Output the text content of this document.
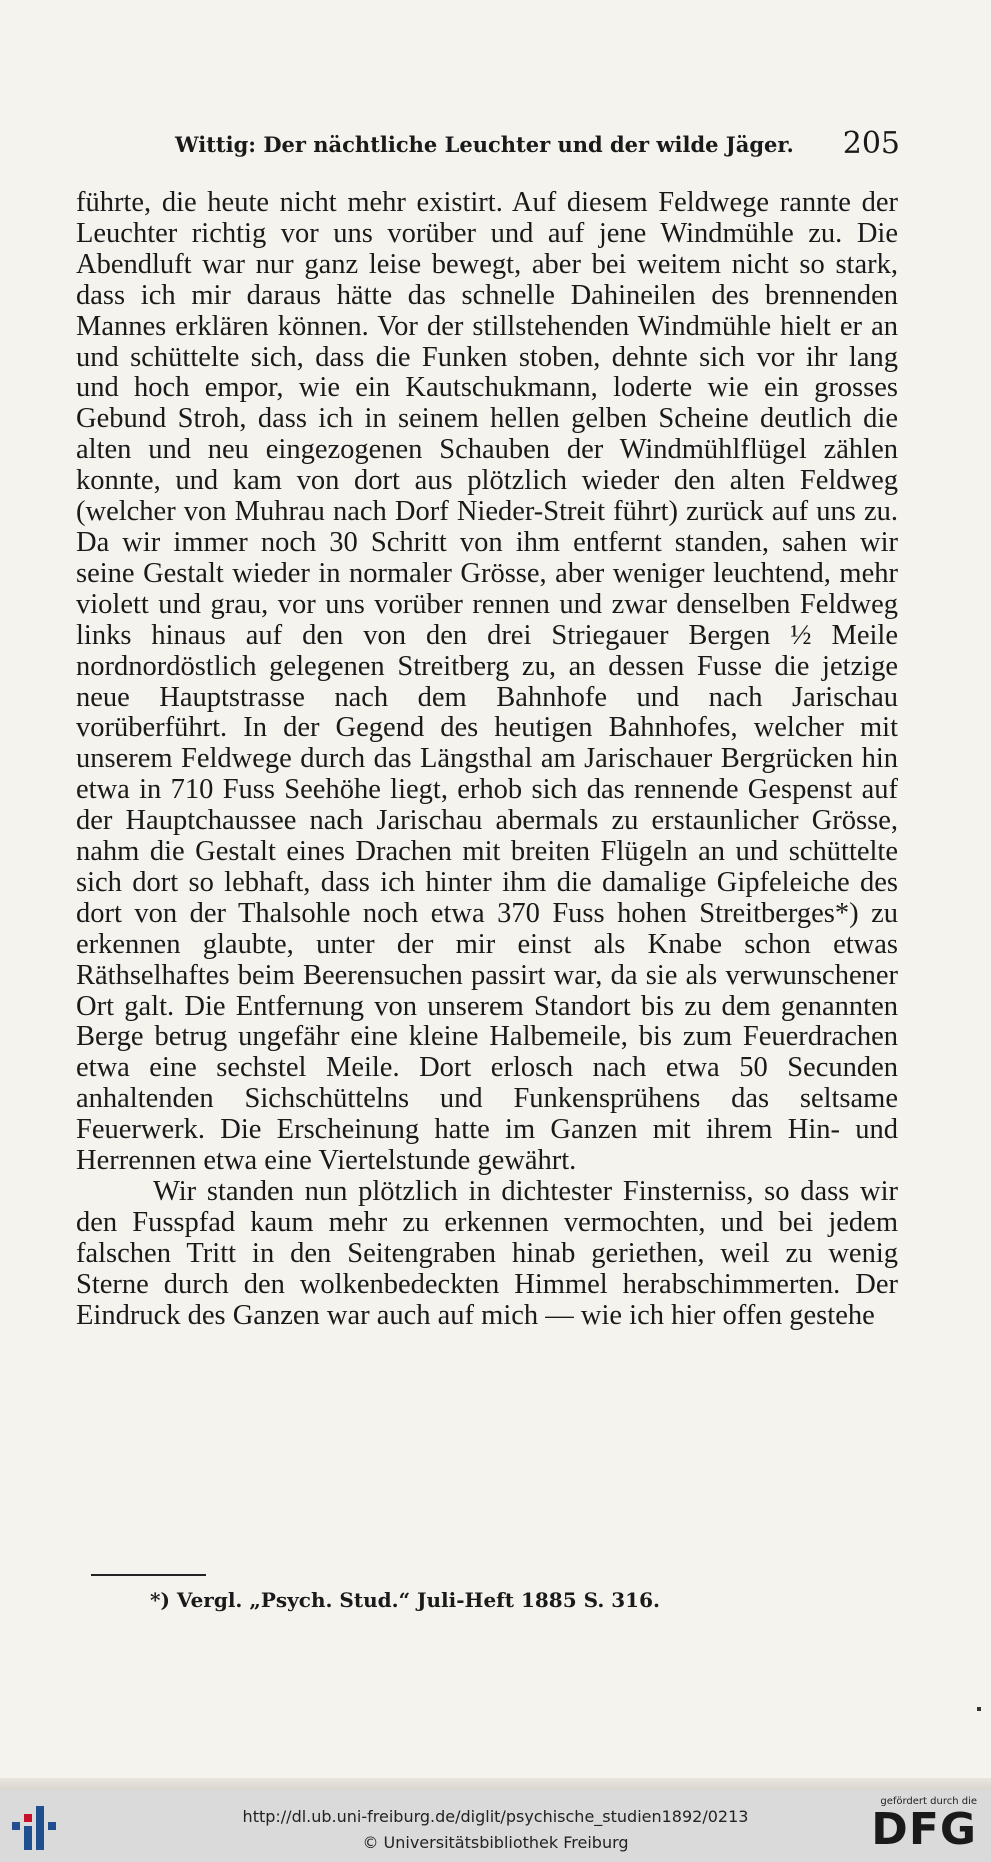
Wittig: Der nächtliche Leuchter und der wilde Jäger. 205

führte, die heute nicht mehr existirt. Auf diesem Feldwege rannte der Leuchter richtig vor uns vorüber und auf jene Windmühle zu. Die Abendluft war nur ganz leise bewegt, aber bei weitem nicht so stark, dass ich mir daraus hätte das schnelle Dahineilen des brennenden Mannes erklären können. Vor der stillstehenden Windmühle hielt er an und schüttelte sich, dass die Funken stoben, dehnte sich vor ihr lang und hoch empor, wie ein Kautschukmann, loderte wie ein grosses Gebund Stroh, dass ich in seinem hellen gelben Scheine deutlich die alten und neu eingezogenen Schauben der Windmühlflügel zählen konnte, und kam von dort aus plötzlich wieder den alten Feldweg (welcher von Muhrau nach Dorf Nieder-Streit führt) zurück auf uns zu. Da wir immer noch 30 Schritt von ihm entfernt standen, sahen wir seine Gestalt wieder in normaler Grösse, aber weniger leuchtend, mehr violett und grau, vor uns vorüber rennen und zwar denselben Feldweg links hinaus auf den von den drei Striegauer Bergen ½ Meile nordnordöstlich gelegenen Streitberg zu, an dessen Fusse die jetzige neue Hauptstrasse nach dem Bahnhofe und nach Jarischau vorüberführt. In der Gegend des heutigen Bahnhofes, welcher mit unserem Feldwege durch das Längsthal am Jarischauer Bergrücken hin etwa in 710 Fuss Seehöhe liegt, erhob sich das rennende Gespenst auf der Hauptchaussee nach Jarischau abermals zu erstaunlicher Grösse, nahm die Gestalt eines Drachen mit breiten Flügeln an und schüttelte sich dort so lebhaft, dass ich hinter ihm die damalige Gipfeleiche des dort von der Thalsohle noch etwa 370 Fuss hohen Streitberges*) zu erkennen glaubte, unter der mir einst als Knabe schon etwas Räthselhaftes beim Beerensuchen passirt war, da sie als verwunschener Ort galt. Die Entfernung von unserem Standort bis zu dem genannten Berge betrug ungefähr eine kleine Halbemeile, bis zum Feuerdrachen etwa eine sechstel Meile. Dort erlosch nach etwa 50 Secunden anhaltenden Sichschüttelns und Funkensprühens das seltsame Feuerwerk. Die Erscheinung hatte im Ganzen mit ihrem Hin- und Herrennen etwa eine Viertelstunde gewährt.

Wir standen nun plötzlich in dichtester Finsterniss, so dass wir den Fusspfad kaum mehr zu erkennen vermochten, und bei jedem falschen Tritt in den Seitengraben hinab geriethen, weil zu wenig Sterne durch den wolkenbedeckten Himmel herabschimmerten. Der Eindruck des Ganzen war auch auf mich — wie ich hier offen gestehe

*) Vergl. „Psych. Stud.“ Juli-Heft 1885 S. 316.
http://dl.ub.uni-freiburg.de/diglit/psychische_studien1892/0213
© Universitätsbibliothek Freiburg
gefördert durch die
DFG
